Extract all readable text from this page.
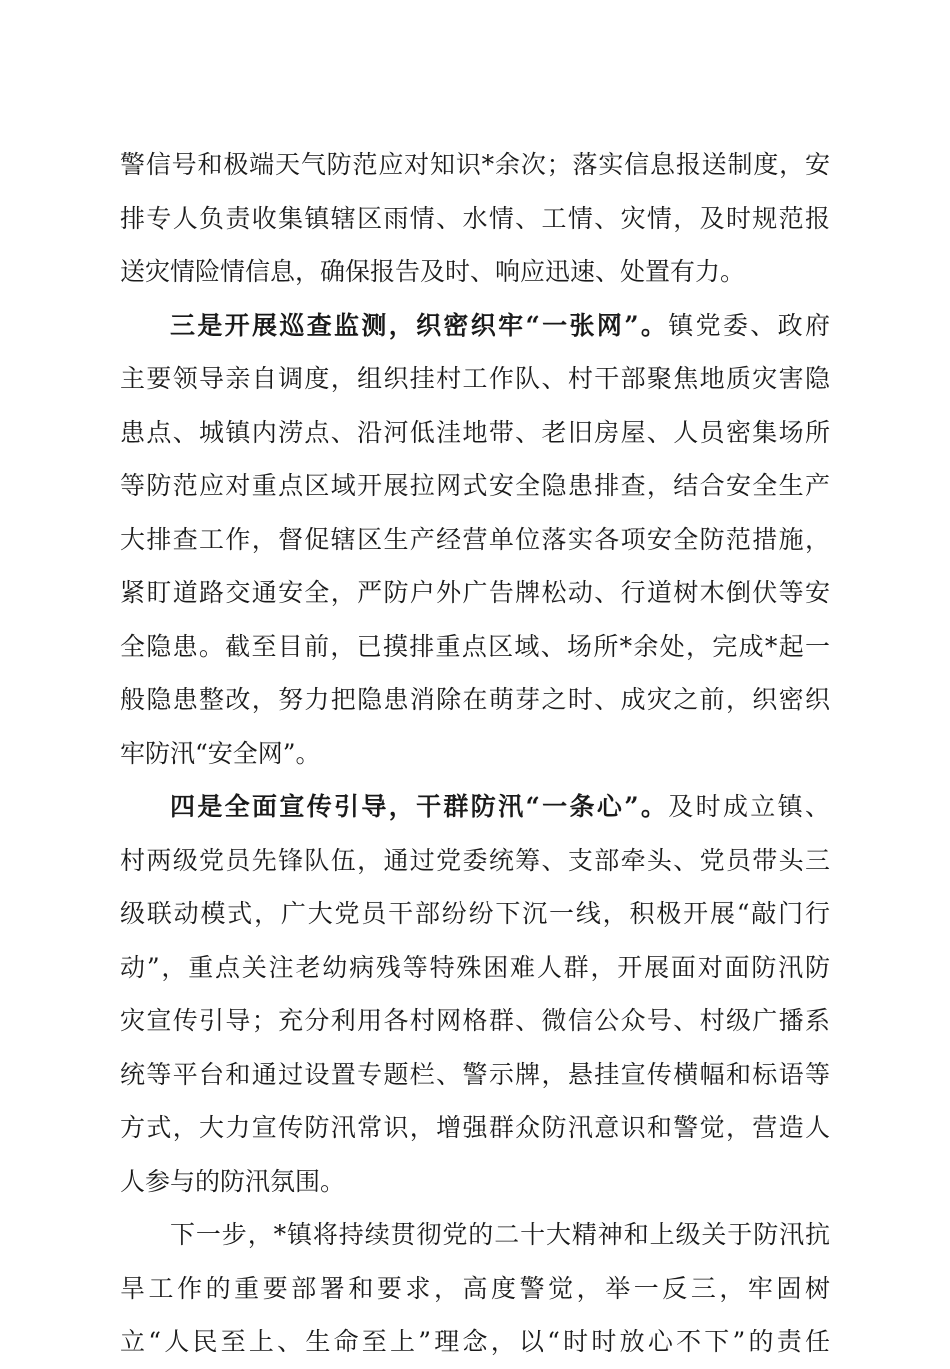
警信号和极端天气防范应对知识*余次；落实信息报送制度，安
排专人负责收集镇辖区雨情、水情、工情、灾情，及时规范报
送灾情险情信息，确保报告及时、响应迅速、处置有力。
三是开展巡查监测，织密织牢“一张网”。镇党委、政府
主要领导亲自调度，组织挂村工作队、村干部聚焦地质灾害隐
患点、城镇内涝点、沿河低洼地带、老旧房屋、人员密集场所
等防范应对重点区域开展拉网式安全隐患排查，结合安全生产
大排查工作，督促辖区生产经营单位落实各项安全防范措施，
紧盯道路交通安全，严防户外广告牌松动、行道树木倒伏等安
全隐患。截至目前，已摸排重点区域、场所*余处，完成*起一
般隐患整改，努力把隐患消除在萌芽之时、成灾之前，织密织
牢防汛“安全网”。
四是全面宣传引导，干群防汛“一条心”。及时成立镇、
村两级党员先锋队伍，通过党委统筹、支部牵头、党员带头三
级联动模式，广大党员干部纷纷下沉一线，积极开展“敲门行
动”，重点关注老幼病残等特殊困难人群，开展面对面防汛防
灾宣传引导；充分利用各村网格群、微信公众号、村级广播系
统等平台和通过设置专题栏、警示牌，悬挂宣传横幅和标语等
方式，大力宣传防汛常识，增强群众防汛意识和警觉，营造人
人参与的防汛氛围。
下一步，*镇将持续贯彻党的二十大精神和上级关于防汛抗
旱工作的重要部署和要求，高度警觉，举一反三，牢固树
立“人民至上、生命至上”理念，以“时时放心不下”的责任
